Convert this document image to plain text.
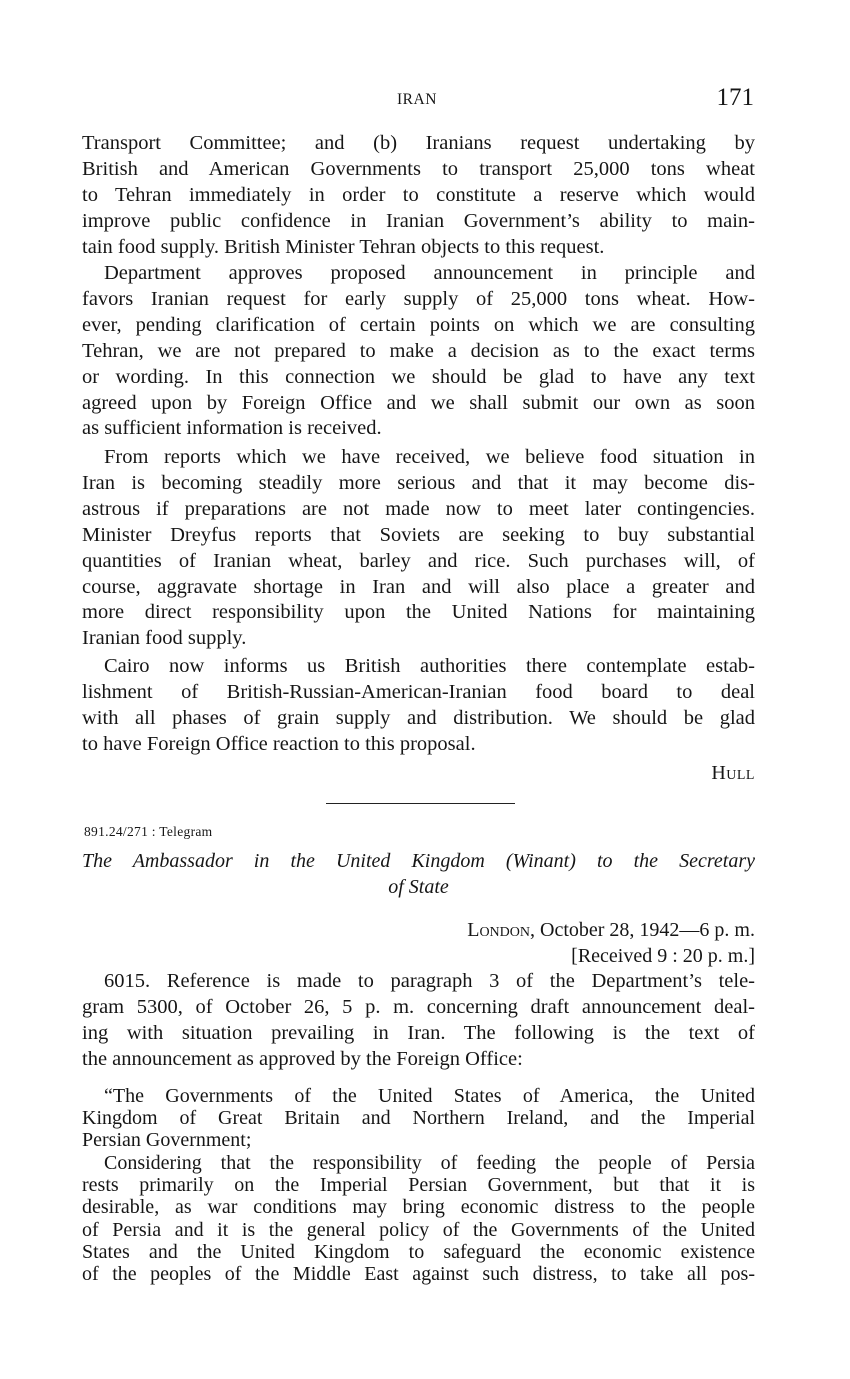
IRAN	171
Transport Committee; and (b) Iranians request undertaking by
British and American Governments to transport 25,000 tons wheat
to Tehran immediately in order to constitute a reserve which would
improve public confidence in Iranian Government’s ability to main-
tain food supply. British Minister Tehran objects to this request.
Department approves proposed announcement in principle and
favors Iranian request for early supply of 25,000 tons wheat. How-
ever, pending clarification of certain points on which we are consulting
Tehran, we are not prepared to make a decision as to the exact terms
or wording. In this connection we should be glad to have any text
agreed upon by Foreign Office and we shall submit our own as soon
as sufficient information is received.
From reports which we have received, we believe food situation in
Iran is becoming steadily more serious and that it may become dis-
astrous if preparations are not made now to meet later contingencies.
Minister Dreyfus reports that Soviets are seeking to buy substantial
quantities of Iranian wheat, barley and rice. Such purchases will, of
course, aggravate shortage in Iran and will also place a greater and
more direct responsibility upon the United Nations for maintaining
Iranian food supply.
Cairo now informs us British authorities there contemplate estab-
lishment of British-Russian-American-Iranian food board to deal
with all phases of grain supply and distribution. We should be glad
to have Foreign Office reaction to this proposal.
Hull
891.24/271 : Telegram
The Ambassador in the United Kingdom (Winant) to the Secretary
of State
London, October 28, 1942—6 p. m.
[Received 9 : 20 p. m.]
6015. Reference is made to paragraph 3 of the Department’s tele-
gram 5300, of October 26, 5 p. m. concerning draft announcement deal-
ing with situation prevailing in Iran. The following is the text of
the announcement as approved by the Foreign Office:
“The Governments of the United States of America, the United
Kingdom of Great Britain and Northern Ireland, and the Imperial
Persian Government;
Considering that the responsibility of feeding the people of Persia
rests primarily on the Imperial Persian Government, but that it is
desirable, as war conditions may bring economic distress to the people
of Persia and it is the general policy of the Governments of the United
States and the United Kingdom to safeguard the economic existence
of the peoples of the Middle East against such distress, to take all pos-
